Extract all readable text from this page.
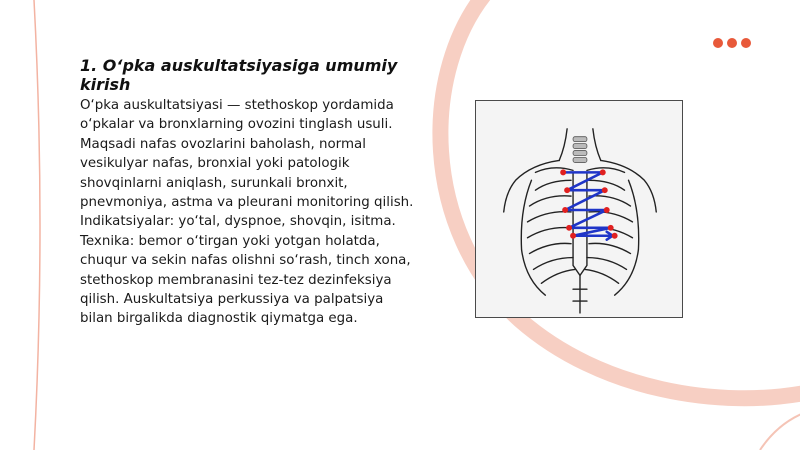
1. O‘pka auskultatsiyasiga umumiy kirish

O‘pka auskultatsiyasi — stethoskop yordamida o‘pkalar va bronxlarning ovozini tinglash usuli. Maqsadi nafas ovozlarini baholash, normal vesikulyar nafas, bronxial yoki patologik shovqinlarni aniqlash, surunkali bronxit, pnevmoniya, astma va pleurani monitoring qilish. Indikatsiyalar: yo‘tal, dyspnoe, shovqin, isitma. Texnika: bemor o‘tirgan yoki yotgan holatda, chuqur va sekin nafas olishni so‘rash, tinch xona, stethoskop membranasini tez-tez dezinfeksiya qilish. Auskultatsiya perkussiya va palpatsiya bilan birgalikda diagnostik qiymatga ega.
